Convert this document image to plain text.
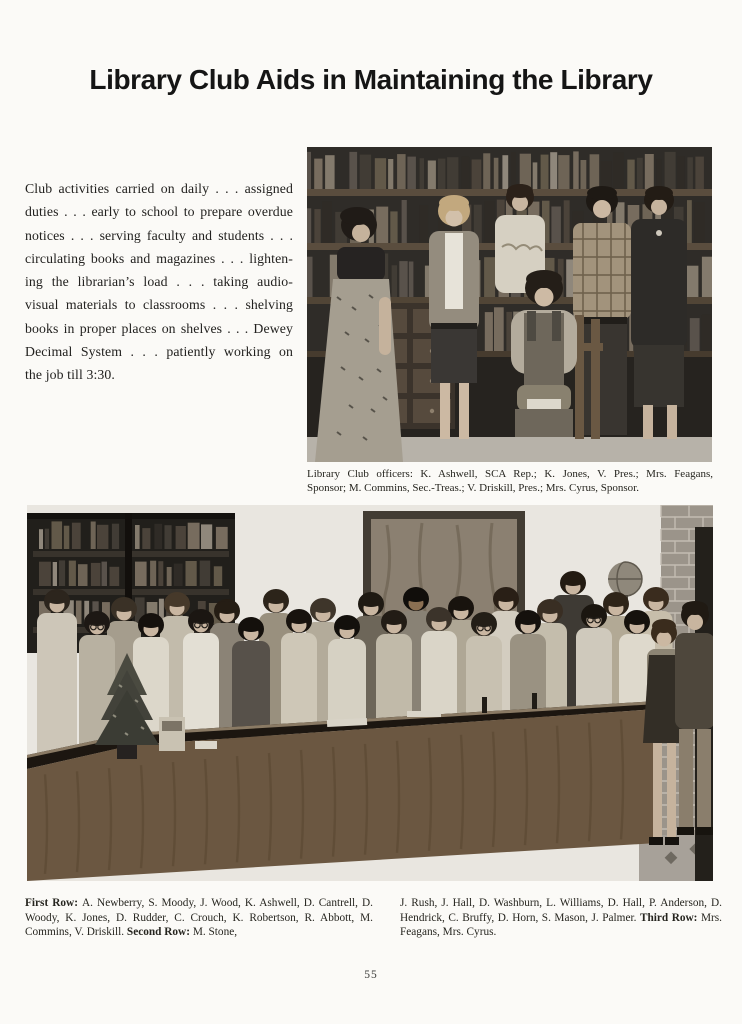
Library Club Aids in Maintaining the Library
Club activities carried on daily . . . assigned
duties . . . early to school to prepare overdue
notices . . . serving faculty and students . . .
circulating books and magazines . . . lighten-
ing the librarian’s load . . . taking audio-
visual materials to classrooms . . . shelving
books in proper places on shelves . . . Dewey
Decimal System . . . patiently working on
the job till 3:30.
Library Club officers: K. Ashwell, SCA Rep.; K. Jones, V. Pres.; Mrs. Feagans,
Sponsor; M. Commins, Sec.-Treas.; V. Driskill, Pres.; Mrs. Cyrus, Sponsor.
First Row: A. Newberry, S. Moody, J. Wood, K. Ashwell, D. Cantrell, D. Woody, K. Jones, D. Rudder, C. Crouch, K. Robertson, R. Abbott, M. Commins, V. Driskill. Second Row: M. Stone,
J. Rush, J. Hall, D. Washburn, L. Williams, D. Hall, P. Anderson, D. Hendrick, C. Bruffy, D. Horn, S. Mason, J. Palmer. Third Row: Mrs. Feagans, Mrs. Cyrus.
55
